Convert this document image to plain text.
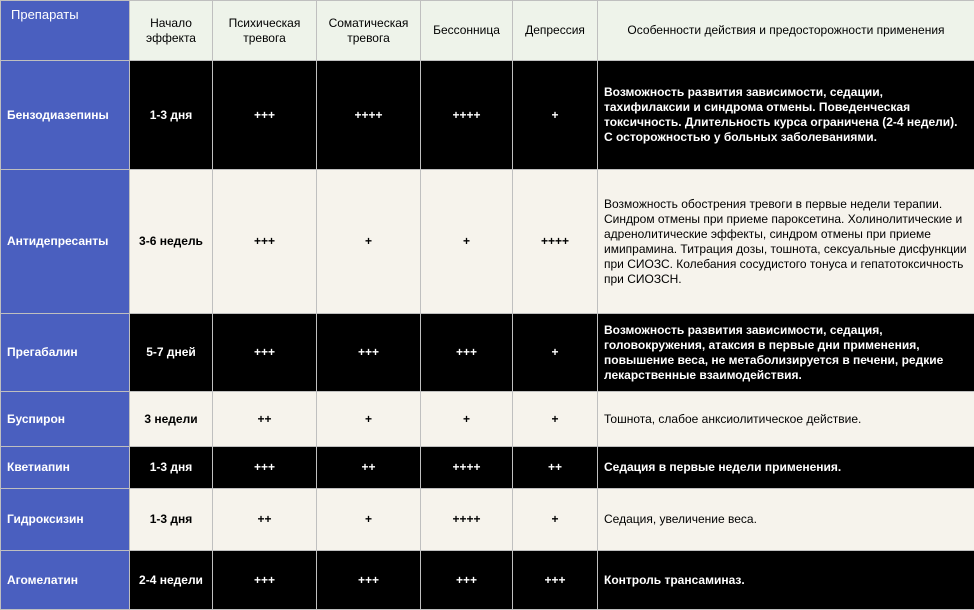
Препараты	Начало эффекта	Психическая тревога	Соматическая тревога	Бессонница	Депрессия	Особенности действия и предосторожности применения
Бензодиазепины	1-3 дня	+++	++++	++++	+	Возможность развития зависимости, седации, тахифилаксии и синдрома отмены. Поведенческая токсичность. Длительность курса ограничена (2-4 недели). С осторожностью у больных заболеваниями.
Антидепресанты	3-6 недель	+++	+	+	++++	Возможность обострения тревоги в первые недели терапии. Синдром отмены при приеме пароксетина. Холинолитические и адренолитические эффекты, синдром отмены при приеме имипрамина. Титрация дозы, тошнота, сексуальные дисфункции при СИОЗС. Колебания сосудистого тонуса и гепатотоксичность при СИОЗСН.
Прегабалин	5-7 дней	+++	+++	+++	+	Возможность развития зависимости, седация, головокружения, атаксия в первые дни применения, повышение веса, не метаболизируется в печени, редкие лекарственные взаимодействия.
Буспирон	3 недели	++	+	+	+	Тошнота, слабое анксиолитическое действие.
Кветиапин	1-3 дня	+++	++	++++	++	Седация в первые недели применения.
Гидроксизин	1-3 дня	++	+	++++	+	Седация, увеличение веса.
Агомелатин	2-4 недели	+++	+++	+++	+++	Контроль трансаминаз.
